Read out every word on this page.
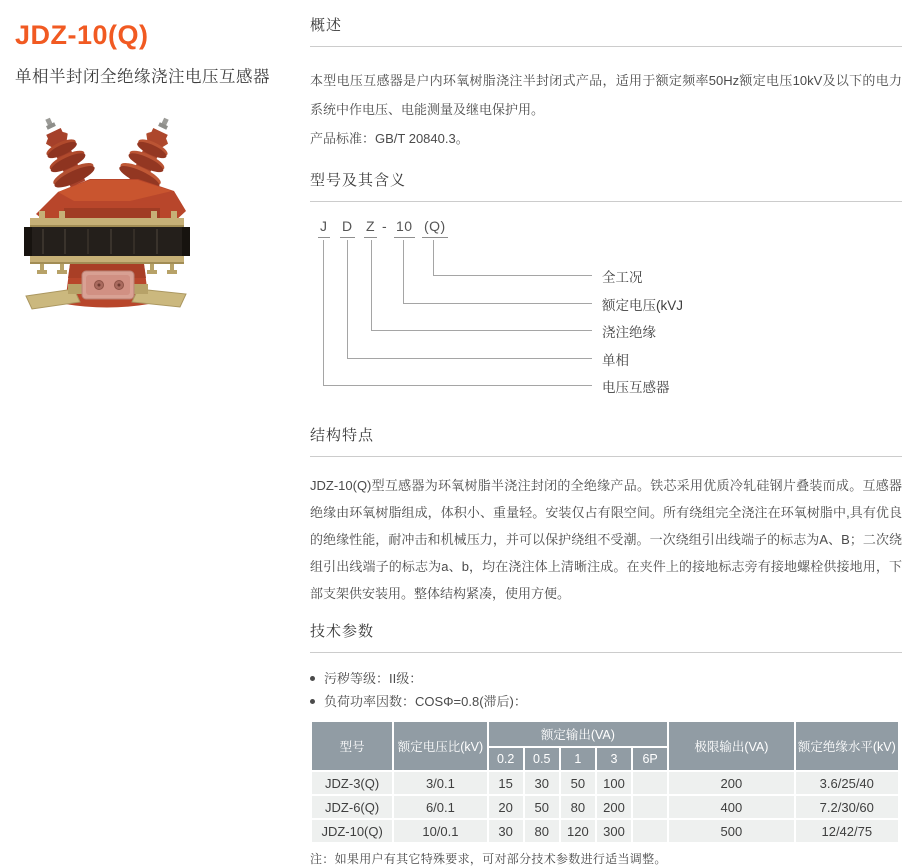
JDZ-10(Q)
单相半封闭全绝缘浇注电压互感器
概述

本型电压互感器是户内环氧树脂浇注半封闭式产品，适用于额定频率50Hz额定电压10kV及以下的电力系统中作电压、电能测量及继电保护用。

产品标准：GB/T 20840.3。

型号及其含义
J D Z - 10 (Q)
全工况
额定电压(kVJ
浇注绝缘
单相
电压互感器
结构特点

JDZ-10(Q)型互感器为环氧树脂半浇注封闭的全绝缘产品。铁芯采用优质冷轧硅钢片叠装而成。互感器绝缘由环氧树脂组成，体积小、重量轻。安装仅占有限空间。所有绕组完全浇注在环氧树脂中,具有优良的绝缘性能，耐冲击和机械压力，并可以保护绕组不受潮。一次绕组引出线端子的标志为A、B；二次绕组引出线端子的标志为a、b，均在浇注体上清晰注成。在夹件上的接地标志旁有接地螺栓供接地用，下部支架供安装用。整体结构紧凑，使用方便。

技术参数
污秽等级：II级：
负荷功率因数：COSΦ=0.8(滞后)：
型号	额定电压比(kV)	额定输出(VA)					极限输出(VA)	额定绝缘水平(kV)
		0.2	0.5	1	3	6P		
JDZ-3(Q)	3/0.1	15	30	50	100		200	3.6/25/40
JDZ-6(Q)	6/0.1	20	50	80	200		400	7.2/30/60
JDZ-10(Q)	10/0.1	30	80	120	300		500	12/42/75
注：如果用户有其它特殊要求，可对部分技术参数进行适当调整。
